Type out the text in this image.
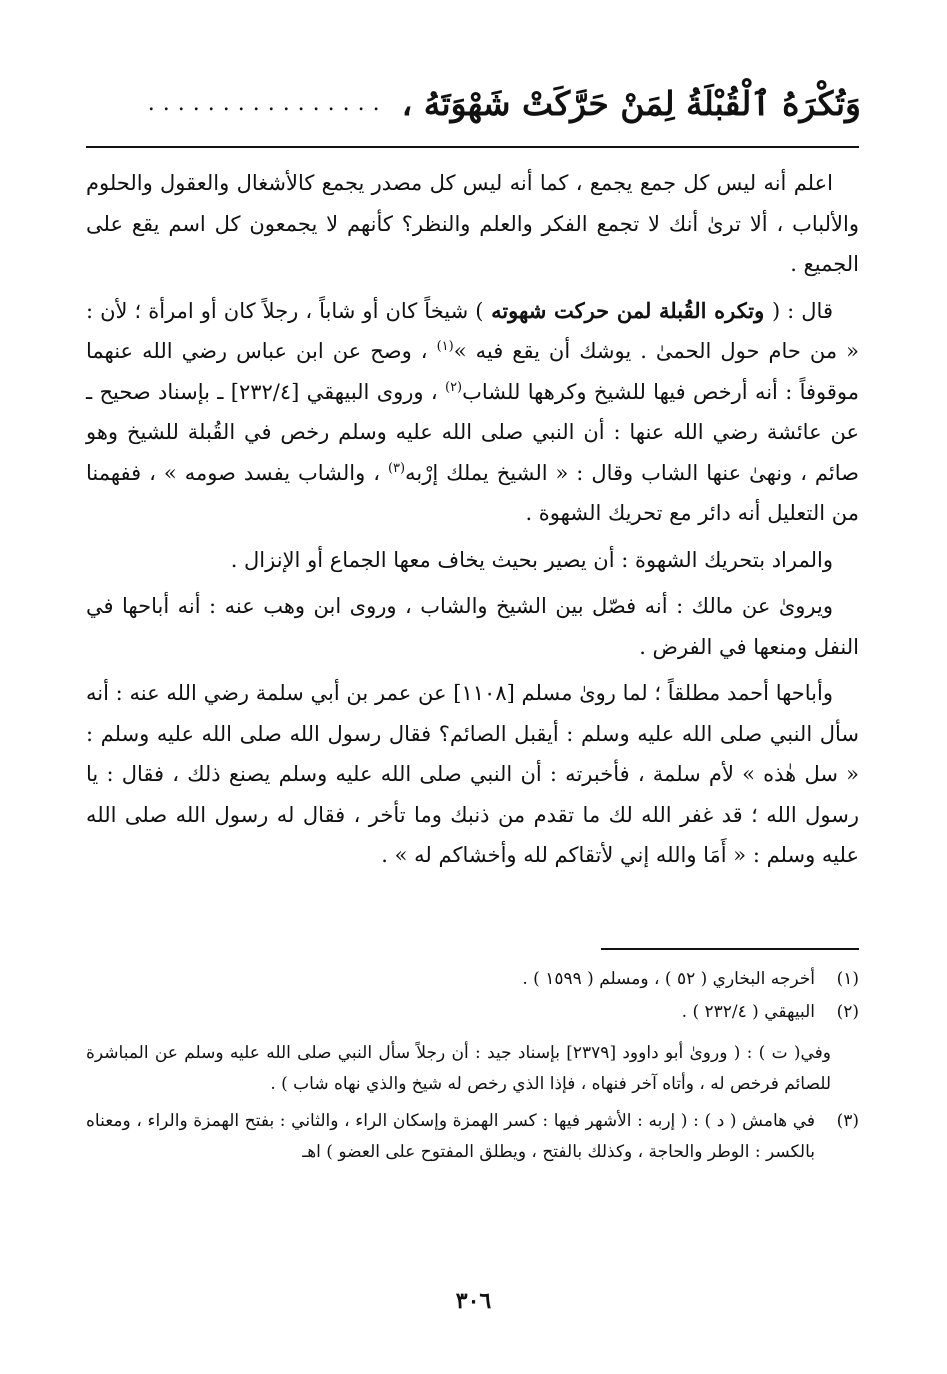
وَتُكْرَهُ ٱلْقُبْلَةُ لِمَنْ حَرَّكَتْ شَهْوَتَهُ ،
................

اعلم أنه ليس كل جمع يجمع ، كما أنه ليس كل مصدر يجمع كالأشغال والعقول والحلوم والألباب ، ألا ترىٰ أنك لا تجمع الفكر والعلم والنظر؟ كأنهم لا يجمعون كل اسم يقع على الجميع .

قال : ( وتكره القُبلة لمن حركت شهوته ) شيخاً كان أو شاباً ، رجلاً كان أو امرأة ؛ لأن : « من حام حول الحمىٰ . يوشك أن يقع فيه »$^{(١)}$ ، وصح عن ابن عباس رضي الله عنهما موقوفاً : أنه أرخص فيها للشيخ وكرهها للشاب$^{(٢)}$ ، وروى البيهقي [٢٣٢/٤] ـ بإسناد صحيح ـ عن عائشة رضي الله عنها : أن النبي صلى الله عليه وسلم رخص في القُبلة للشيخ وهو صائم ، ونهىٰ عنها الشاب وقال : « الشيخ يملك إرْبه$^{(٣)}$ ، والشاب يفسد صومه » ، ففهمنا من التعليل أنه دائر مع تحريك الشهوة .

والمراد بتحريك الشهوة : أن يصير بحيث يخاف معها الجماع أو الإنزال .

ويروىٰ عن مالك : أنه فصّل بين الشيخ والشاب ، وروى ابن وهب عنه : أنه أباحها في النفل ومنعها في الفرض .

وأباحها أحمد مطلقاً ؛ لما روىٰ مسلم [١١٠٨] عن عمر بن أبي سلمة رضي الله عنه : أنه سأل النبي صلى الله عليه وسلم : أيقبل الصائم؟ فقال رسول الله صلى الله عليه وسلم : « سل هٰذه » لأم سلمة ، فأخبرته : أن النبي صلى الله عليه وسلم يصنع ذلك ، فقال : يا رسول الله ؛ قد غفر الله لك ما تقدم من ذنبك وما تأخر ، فقال له رسول الله صلى الله عليه وسلم : « أَمَا والله إني لأتقاكم لله وأخشاكم له » .

(١)
أخرجه البخاري ( ٥٢ ) ، ومسلم ( ١٥٩٩ ) .
(٢)
البيهقي ( ٢٣٢/٤ ) .
وفي( ت ) : ( وروىٰ أبو داوود [٢٣٧٩] بإسناد جيد : أن رجلاً سأل النبي صلى الله عليه وسلم عن المباشرة للصائم فرخص له ، وأتاه آخر فنهاه ، فإذا الذي رخص له شيخ والذي نهاه شاب ) .
(٣)
في هامش ( د ) : ( إربه : الأشهر فيها : كسر الهمزة وإسكان الراء ، والثاني : بفتح الهمزة والراء ، ومعناه بالكسر : الوطر والحاجة ، وكذلك بالفتح ، ويطلق المفتوح على العضو ) اهـ
٣٠٦
